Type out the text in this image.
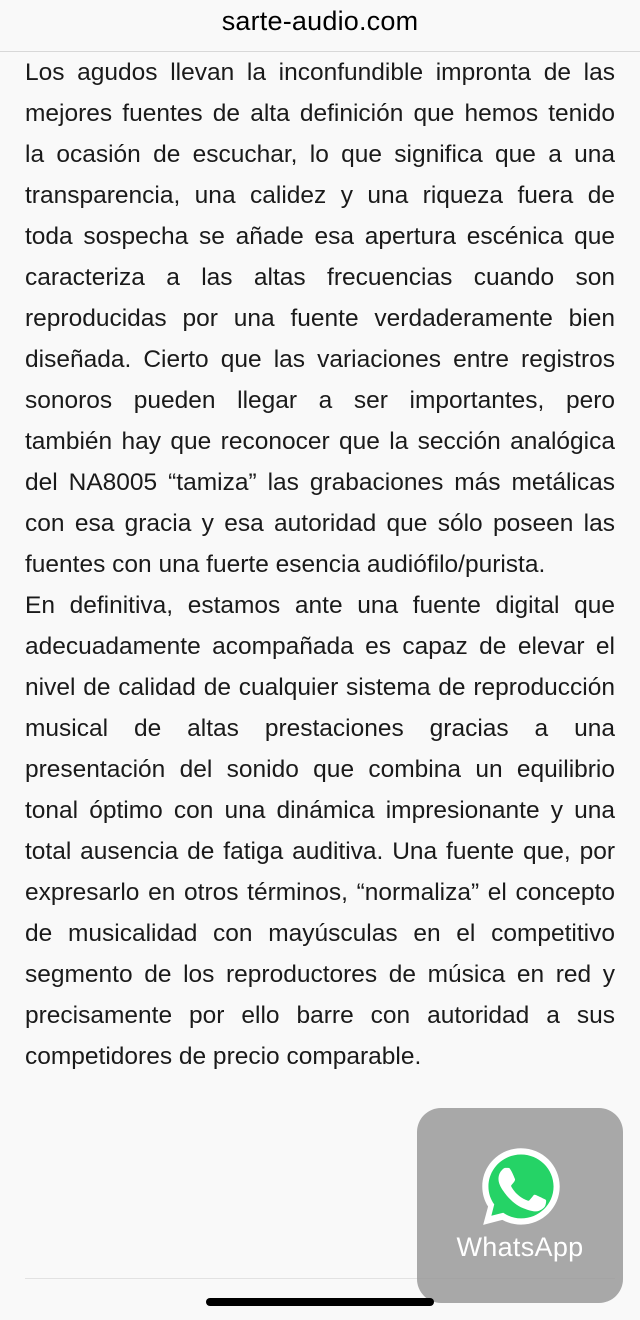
sarte-audio.com

Los agudos llevan la inconfundible impronta de las mejores fuentes de alta definición que hemos tenido la ocasión de escuchar, lo que significa que a una transparencia, una calidez y una riqueza fuera de toda sospecha se añade esa apertura escénica que caracteriza a las altas frecuencias cuando son reproducidas por una fuente verdaderamente bien diseñada. Cierto que las variaciones entre registros sonoros pueden llegar a ser importantes, pero también hay que reconocer que la sección analógica del NA8005 “tamiza” las grabaciones más metálicas con esa gracia y esa autoridad que sólo poseen las fuentes con una fuerte esencia audiófilo/purista.

En definitiva, estamos ante una fuente digital que adecuadamente acompañada es capaz de elevar el nivel de calidad de cualquier sistema de reproducción musical de altas prestaciones gracias a una presentación del sonido que combina un equilibrio tonal óptimo con una dinámica impresionante y una total ausencia de fatiga auditiva. Una fuente que, por expresarlo en otros términos, “normaliza” el concepto de musicalidad con mayúsculas en el competitivo segmento de los reproductores de música en red y precisamente por ello barre con autoridad a sus competidores de precio comparable.

WhatsApp
